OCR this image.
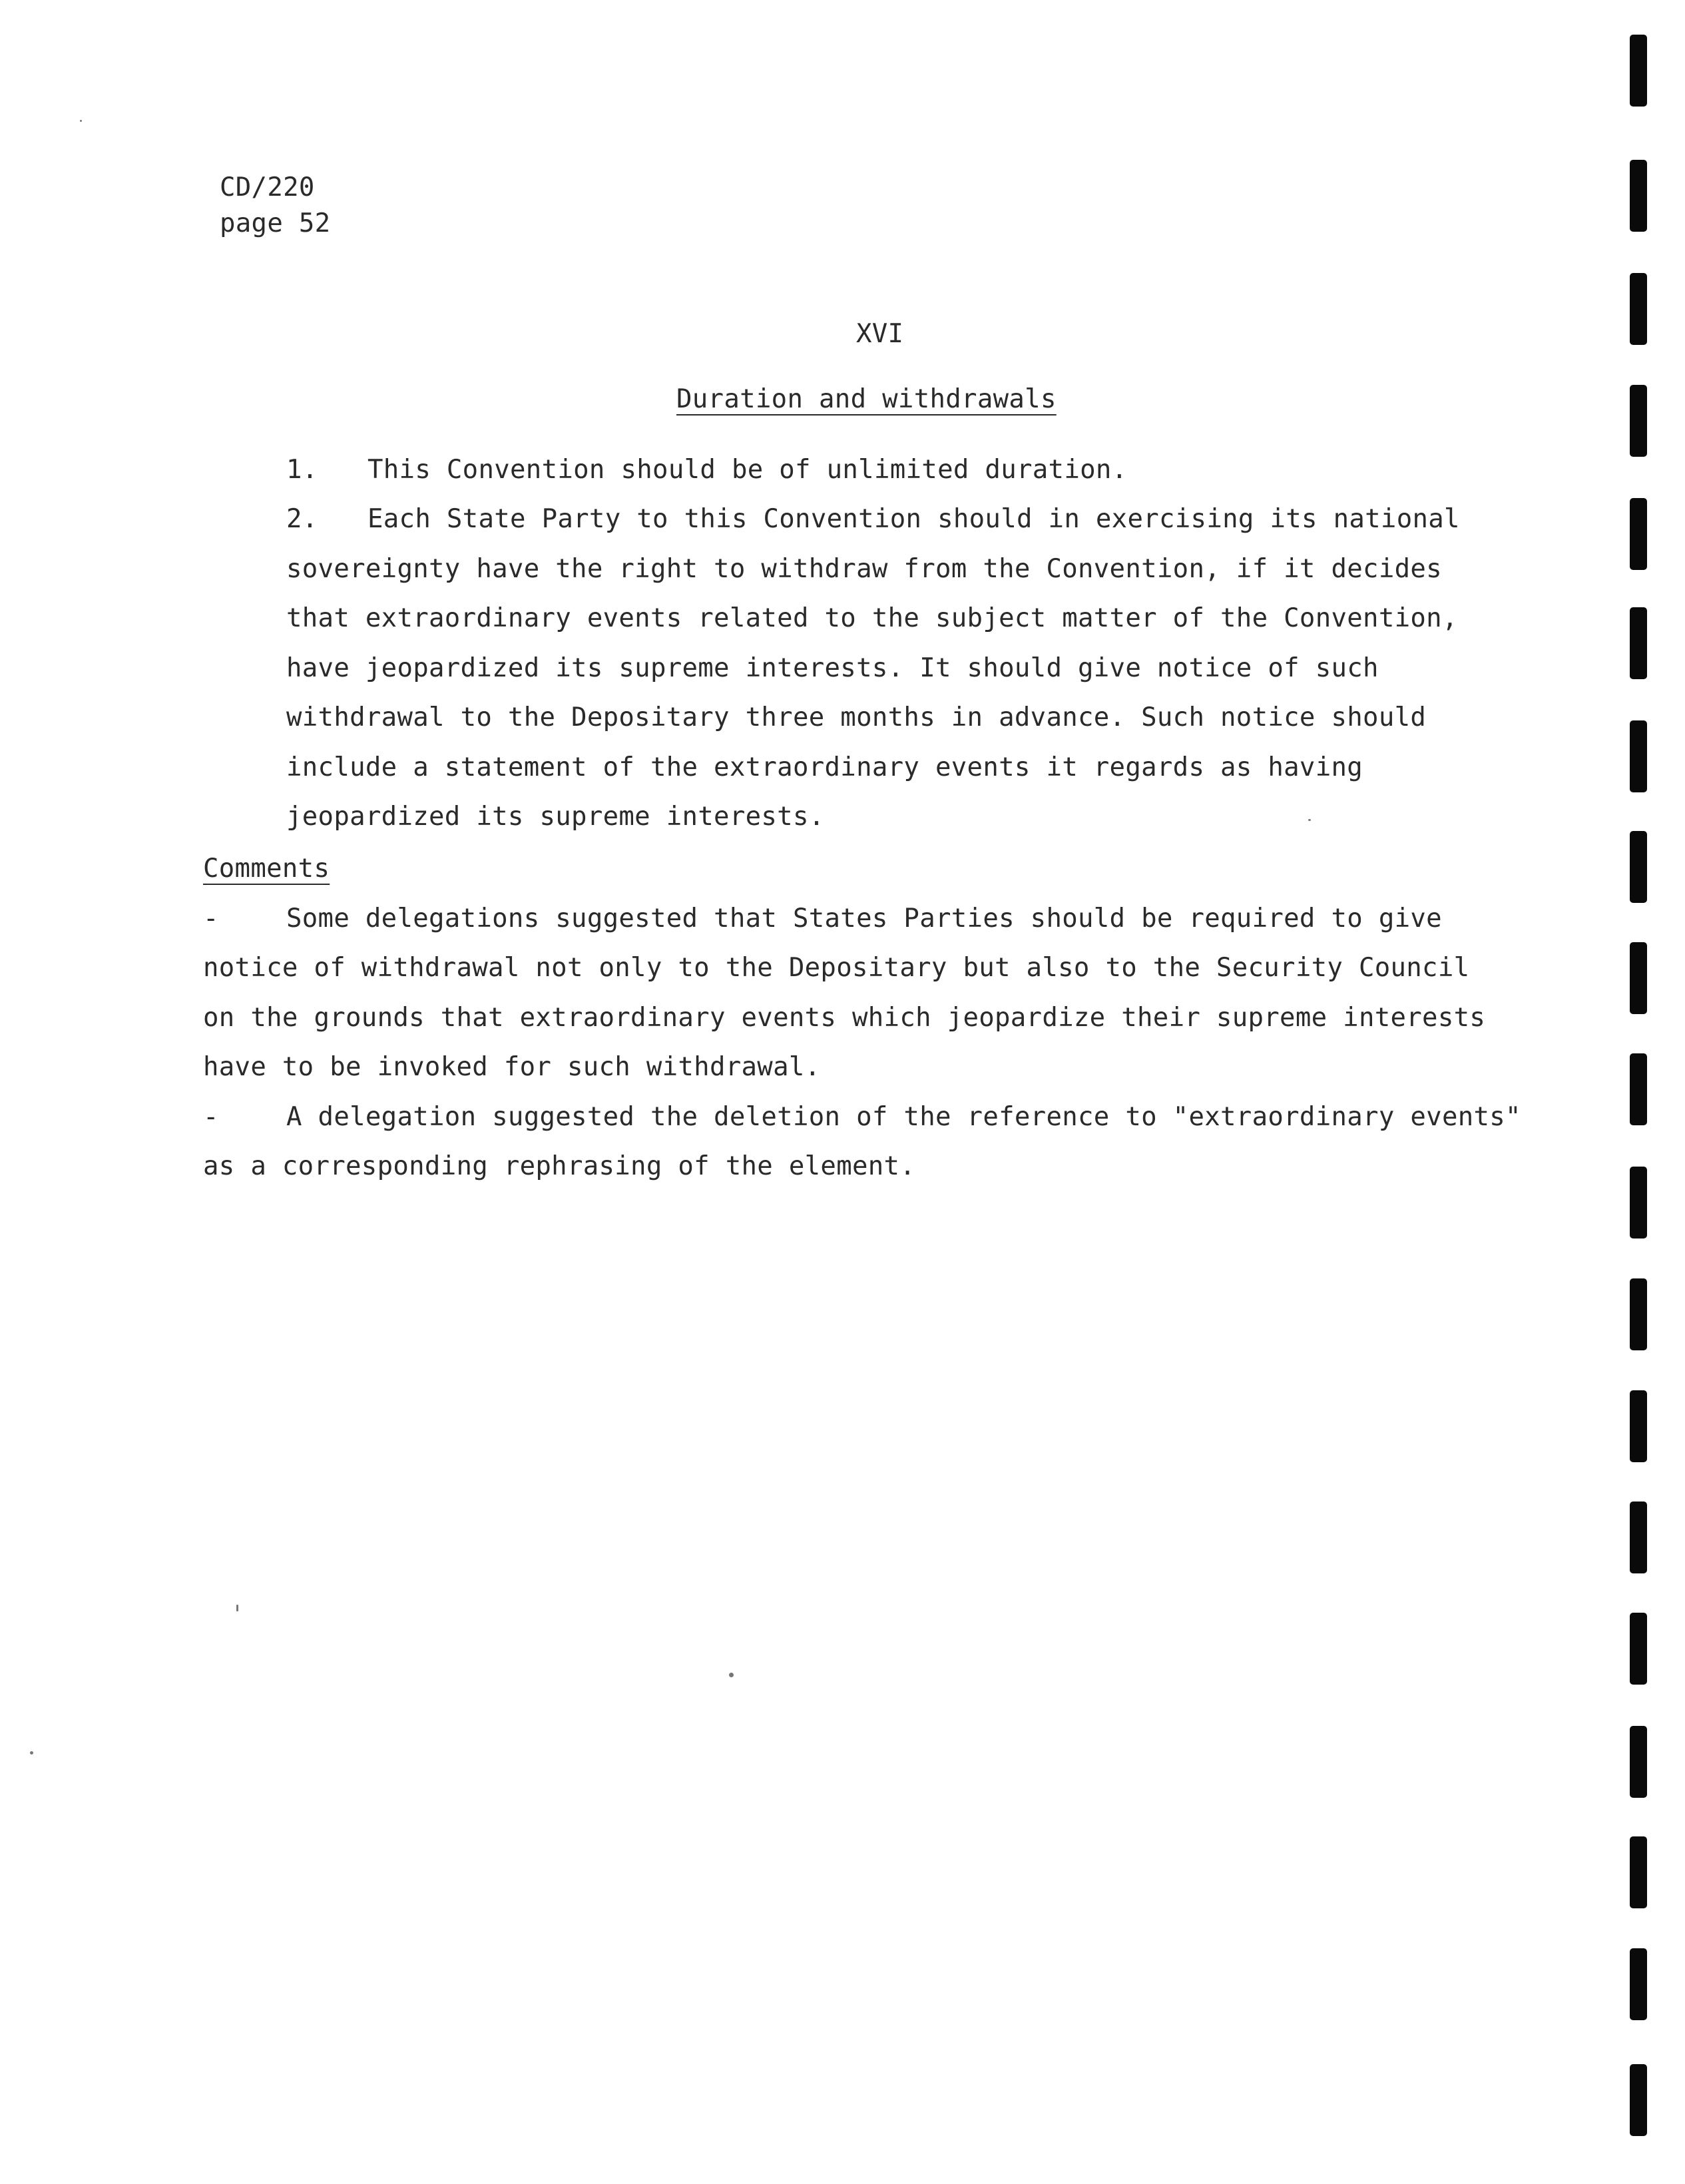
CD/220
page 52
XVI
Duration and withdrawals
1. This Convention should be of unlimited duration.
2. Each State Party to this Convention should in exercising its national
sovereignty have the right to withdraw from the Convention, if it decides
that extraordinary events related to the subject matter of the Convention,
have jeopardized its supreme interests. It should give notice of such
withdrawal to the Depositary three months in advance. Such notice should
include a statement of the extraordinary events it regards as having
jeopardized its supreme interests.
Comments
-	Some delegations suggested that States Parties should be required to give
notice of withdrawal not only to the Depositary but also to the Security Council
on the grounds that extraordinary events which jeopardize their supreme interests
have to be invoked for such withdrawal.
-	A delegation suggested the deletion of the reference to "extraordinary events"
as a corresponding rephrasing of the element.
